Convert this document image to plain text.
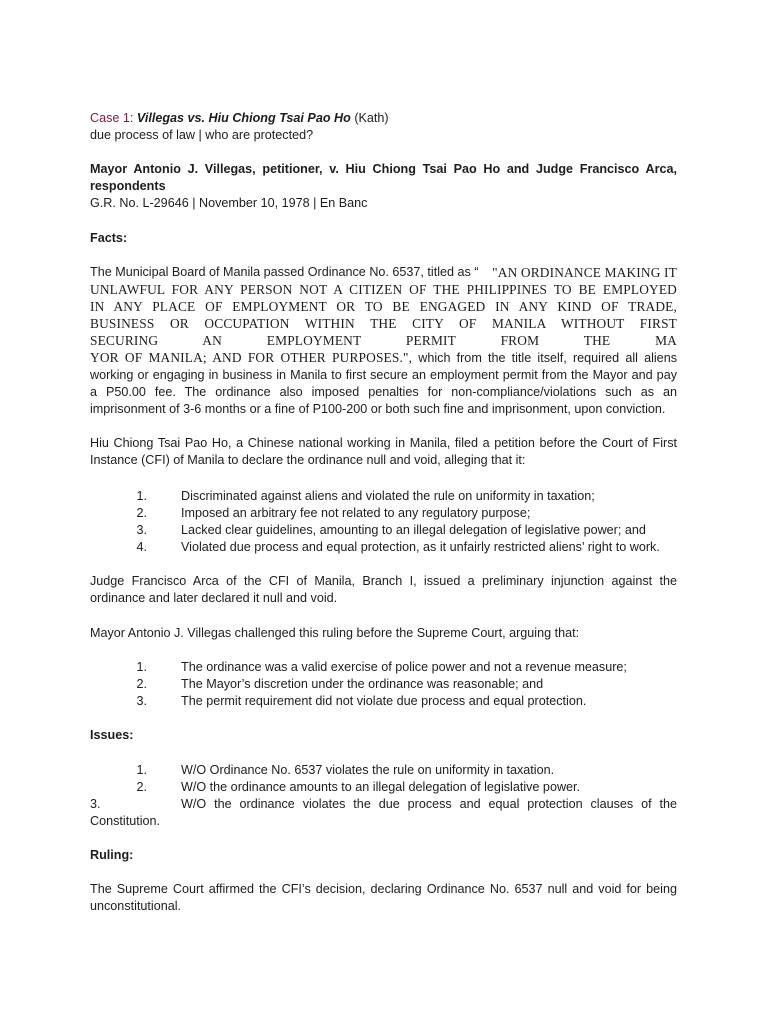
Case 1: Villegas vs. Hiu Chiong Tsai Pao Ho (Kath)
due process of law | who are protected?
Mayor Antonio J. Villegas, petitioner, v. Hiu Chiong Tsai Pao Ho and Judge Francisco Arca, respondents
G.R. No. L-29646 | November 10, 1978 | En Banc
Facts:
The Municipal Board of Manila passed Ordinance No. 6537, titled as “ "AN ORDINANCE MAKING IT
UNLAWFUL FOR ANY PERSON NOT A CITIZEN OF THE PHILIPPINES TO BE EMPLOYED
IN ANY PLACE OF EMPLOYMENT OR TO BE ENGAGED IN ANY KIND OF TRADE,
BUSINESS OR OCCUPATION WITHIN THE CITY OF MANILA WITHOUT FIRST
SECURING AN EMPLOYMENT PERMIT FROM THE MA
YOR OF MANILA; AND FOR OTHER PURPOSES.", which from the title itself, required all aliens working or engaging in business in Manila to first secure an employment permit from the Mayor and pay a P50.00 fee. The ordinance also imposed penalties for non-compliance/violations such as an imprisonment of 3-6 months or a fine of P100-200 or both such fine and imprisonment, upon conviction.
Hiu Chiong Tsai Pao Ho, a Chinese national working in Manila, filed a petition before the Court of First Instance (CFI) of Manila to declare the ordinance null and void, alleging that it:
1.	Discriminated against aliens and violated the rule on uniformity in taxation;
2.	Imposed an arbitrary fee not related to any regulatory purpose;
3.	Lacked clear guidelines, amounting to an illegal delegation of legislative power; and
4.	Violated due process and equal protection, as it unfairly restricted aliens’ right to work.
Judge Francisco Arca of the CFI of Manila, Branch I, issued a preliminary injunction against the ordinance and later declared it null and void.
Mayor Antonio J. Villegas challenged this ruling before the Supreme Court, arguing that:
1.	The ordinance was a valid exercise of police power and not a revenue measure;
2.	The Mayor’s discretion under the ordinance was reasonable; and
3.	The permit requirement did not violate due process and equal protection.
Issues:
1.	W/O Ordinance No. 6537 violates the rule on uniformity in taxation.
2.	W/O the ordinance amounts to an illegal delegation of legislative power.
3.	W/O the ordinance violates the due process and equal protection clauses of the
Constitution.
Ruling:
The Supreme Court affirmed the CFI’s decision, declaring Ordinance No. 6537 null and void for being unconstitutional.
